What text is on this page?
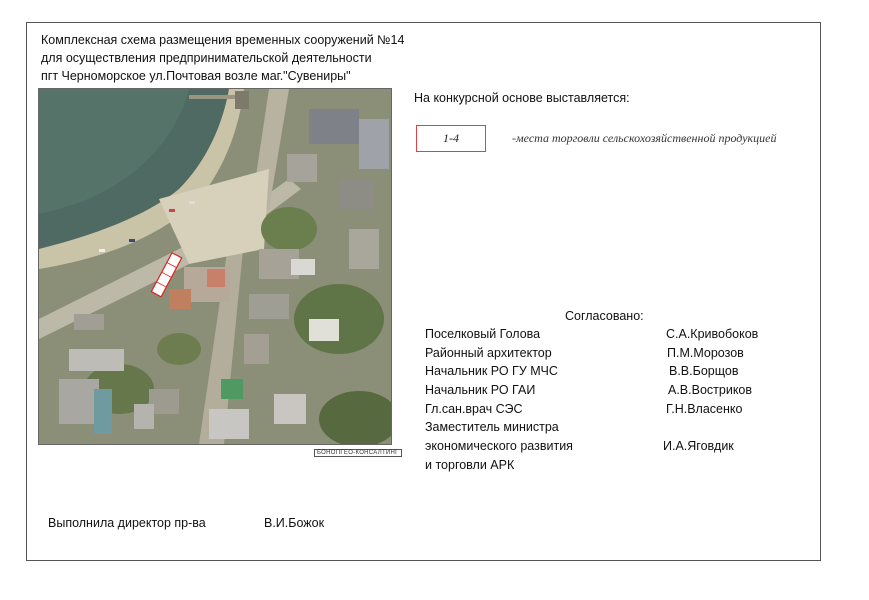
Комплексная схема размещения временных сооружений №14
для осуществления предпринимательской деятельности
пгт Черноморское ул.Почтовая возле маг."Сувениры"
БОНОПГЕО-КОНСАЛТИНГ
На конкурсной основе выставляется:
1-4	-места торговли сельскохозяйственной продукцией
Согласовано:
Поселковый Голова	С.А.Кривобоков
Районный архитектор	П.М.Морозов
Начальник РО ГУ МЧС	В.В.Борщов
Начальник РО ГАИ	А.В.Востриков
Гл.сан.врач СЭС	Г.Н.Власенко
Заместитель министра
экономического развития	И.А.Яговдик
и торговли АРК
Выполнила директор пр-ва	В.И.Божок
